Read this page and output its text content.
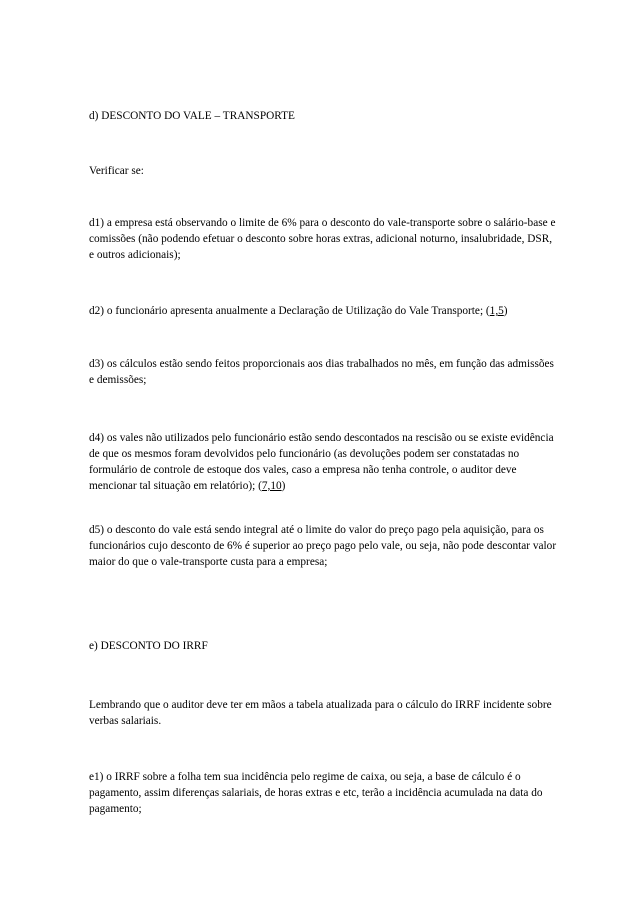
d) DESCONTO DO VALE – TRANSPORTE

Verificar se:

d1) a empresa está observando o limite de 6% para o desconto do vale-transporte sobre o salário-base e comissões (não podendo efetuar o desconto sobre horas extras, adicional noturno, insalubridade, DSR, e outros adicionais);

d2) o funcionário apresenta anualmente a Declaração de Utilização do Vale Transporte; (1,5)

d3) os cálculos estão sendo feitos proporcionais aos dias trabalhados no mês, em função das admissões e demissões;

d4) os vales não utilizados pelo funcionário estão sendo descontados na rescisão ou se existe evidência de que os mesmos foram devolvidos pelo funcionário (as devoluções podem ser constatadas no formulário de controle de estoque dos vales, caso a empresa não tenha controle, o auditor deve mencionar tal situação em relatório); (7,10)

d5) o desconto do vale está sendo integral até o limite do valor do preço pago pela aquisição, para os funcionários cujo desconto de 6% é superior ao preço pago pelo vale, ou seja, não pode descontar valor maior do que o vale-transporte custa para a empresa;

e) DESCONTO DO IRRF

Lembrando que o auditor deve ter em mãos a tabela atualizada para o cálculo do IRRF incidente sobre verbas salariais.

e1) o IRRF sobre a folha tem sua incidência pelo regime de caixa, ou seja, a base de cálculo é o pagamento, assim diferenças salariais, de horas extras e etc, terão a incidência acumulada na data do pagamento;
